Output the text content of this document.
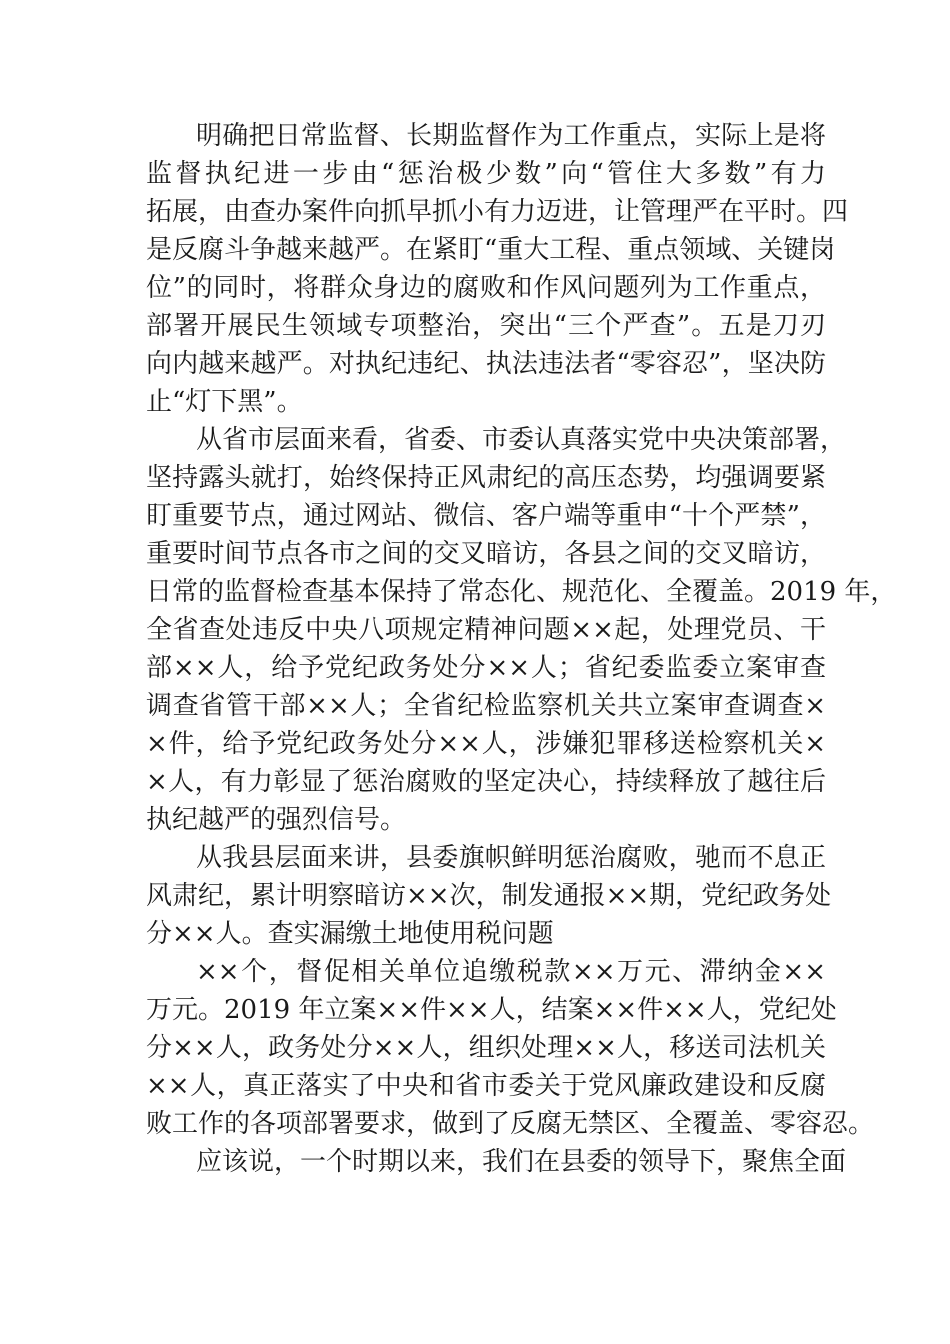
明确把日常监督、长期监督作为工作重点，实际上是将
监督执纪进一步由“惩治极少数”向“管住大多数”有力
拓展，由查办案件向抓早抓小有力迈进，让管理严在平时。四
是反腐斗争越来越严。在紧盯“重大工程、重点领域、关键岗
位”的同时，将群众身边的腐败和作风问题列为工作重点，
部署开展民生领域专项整治，突出“三个严查”。五是刀刃
向内越来越严。对执纪违纪、执法违法者“零容忍”，坚决防
止“灯下黑”。
从省市层面来看，省委、市委认真落实党中央决策部署，
坚持露头就打，始终保持正风肃纪的高压态势，均强调要紧
盯重要节点，通过网站、微信、客户端等重申“十个严禁”，
重要时间节点各市之间的交叉暗访，各县之间的交叉暗访，
日常的监督检查基本保持了常态化、规范化、全覆盖。2019 年，
全省查处违反中央八项规定精神问题××起，处理党员、干
部××人，给予党纪政务处分××人；省纪委监委立案审查
调查省管干部××人；全省纪检监察机关共立案审查调查×
×件，给予党纪政务处分××人，涉嫌犯罪移送检察机关×
×人，有力彰显了惩治腐败的坚定决心，持续释放了越往后
执纪越严的强烈信号。
从我县层面来讲，县委旗帜鲜明惩治腐败，驰而不息正
风肃纪，累计明察暗访××次，制发通报××期，党纪政务处
分××人。查实漏缴土地使用税问题
××个，督促相关单位追缴税款××万元、滞纳金××
万元。2019 年立案××件××人，结案××件××人，党纪处
分××人，政务处分××人，组织处理××人，移送司法机关
××人，真正落实了中央和省市委关于党风廉政建设和反腐
败工作的各项部署要求，做到了反腐无禁区、全覆盖、零容忍。
应该说，一个时期以来，我们在县委的领导下，聚焦全面
